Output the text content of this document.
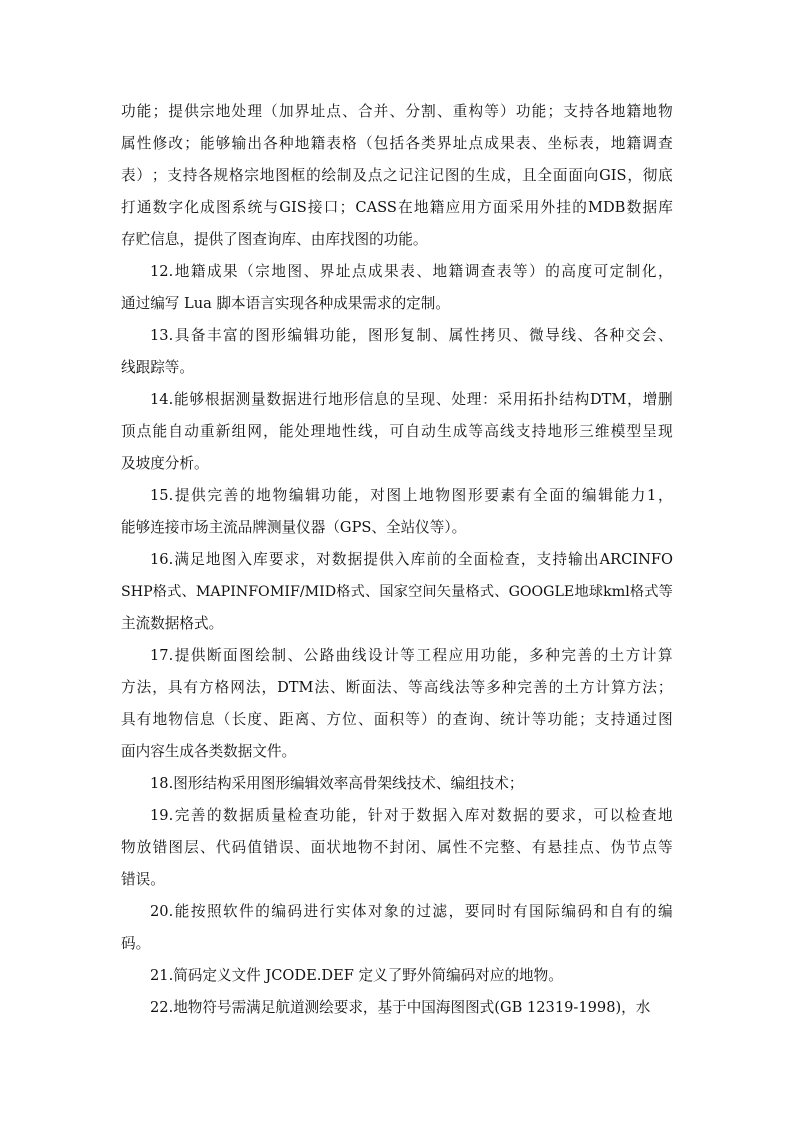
功 能 ； 提 供 宗 地 处 理 （ 加 界 址 点 、 合 并 、 分 割 、 重 构 等 ） 功 能 ； 支 持 各 地 籍 地 物
属 性 修 改 ； 能 够 输 出 各 种 地 籍 表 格 （ 包 括 各 类 界 址 点 成 果 表 、 坐 标 表 ， 地 籍 调 查
表 ） ； 支 持 各 规 格 宗 地 图 框 的 绘 制 及 点 之 记 注 记 图 的 生 成 ， 且 全 面 面 向 GIS ， 彻 底
打 通 数 字 化 成 图 系 统 与 GIS 接 口 ； CASS 在 地 籍 应 用 方 面 采 用 外 挂 的 MDB 数 据 库
存贮信息，提供了图查询库、由库找图的功能。
12. 地 籍 成 果 （ 宗 地 图 、 界 址 点 成 果 表 、 地 籍 调 查 表 等 ） 的 高 度 可 定 制 化 ，
通过编写 Lua 脚本语言实现各种成果需求的定制。
13. 具 备 丰 富 的 图 形 编 辑 功 能 ， 图 形 复 制 、 属 性 拷 贝 、 微 导 线 、 各 种 交 会 、
线跟踪等。
14. 能 够 根 据 测 量 数 据 进 行 地 形 信 息 的 呈 现 、 处 理 ： 采 用 拓 扑 结 构 DTM ， 增 删
顶 点 能 自 动 重 新 组 网 ， 能 处 理 地 性 线 ， 可 自 动 生 成 等 高 线 支 持 地 形 三 维 模 型 呈 现
及坡度分析。
15. 提 供 完 善 的 地 物 编 辑 功 能 ， 对 图 上 地 物 图 形 要 素 有 全 面 的 编 辑 能 力 1 ，
能够连接市场主流品牌测量仪器（GPS、全站仪等）。
16. 满 足 地 图 入 库 要 求 ， 对 数 据 提 供 入 库 前 的 全 面 检 查 ， 支 持 输 出 ARCINFO
SHP 格 式 、 MAPINFO MIF/MID 格 式 、 国 家 空 间 矢 量 格 式 、 GOOGLE 地 球 kml 格 式 等
主流数据格式。
17. 提 供 断 面 图 绘 制 、 公 路 曲 线 设 计 等 工 程 应 用 功 能 ， 多 种 完 善 的 土 方 计 算
方 法 ， 具 有 方 格 网 法 ， DTM 法 、 断 面 法 、 等 高 线 法 等 多 种 完 善 的 土 方 计 算 方 法 ；
具 有 地 物 信 息 （ 长 度 、 距 离 、 方 位 、 面 积 等 ） 的 查 询 、 统 计 等 功 能 ； 支 持 通 过 图
面内容生成各类数据文件。
18.图形结构采用图形编辑效率高骨架线技术、编组技术；
19. 完 善 的 数 据 质 量 检 查 功 能 ， 针 对 于 数 据 入 库 对 数 据 的 要 求 ， 可 以 检 查 地
物 放 错 图 层 、 代 码 值 错 误 、 面 状 地 物 不 封 闭 、 属 性 不 完 整 、 有 悬 挂 点 、 伪 节 点 等
错误。
20. 能 按 照 软 件 的 编 码 进 行 实 体 对 象 的 过 滤 ， 要 同 时 有 国 际 编 码 和 自 有 的 编
码。
21.简码定义文件 JCODE.DEF 定义了野外简编码对应的地物。
22.地物符号需满足航道测绘要求，基于中国海图图式(GB 12319-1998)，水
